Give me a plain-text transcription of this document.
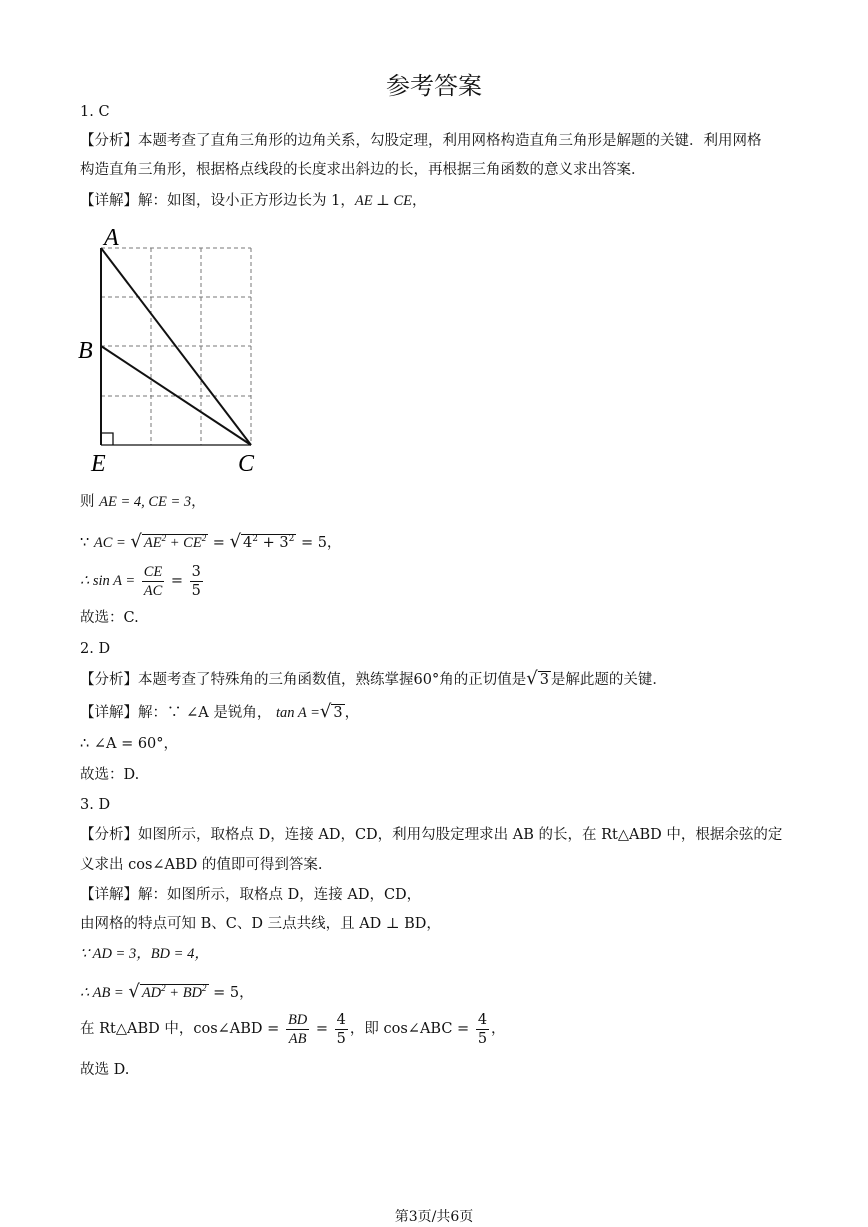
参考答案
1. C
【分析】本题考查了直角三角形的边角关系，勾股定理，利用网格构造直角三角形是解题的关键．利用网格
构造直角三角形，根据格点线段的长度求出斜边的长，再根据三角函数的意义求出答案．
【详解】解：如图，设小正方形边长为 1，AE ⊥ CE，
A
B
E	C
则 AE = 4, CE = 3，
∵ AC = √ $AE^2 + CE^2$ = √ $4^2 + 3^2 = 5$，
∴ $\sin A = \frac{CE}{AC} = \frac{3}{5}$
故选：C.
2. D
【分析】本题考查了特殊角的三角函数值，熟练掌握60°角的正切值是√ 3 是解此题的关键．
【详解】解：∵ ∠A 是锐角， tan A =√ 3 ，
∴ ∠A = 60°，
故选：D.
3. D
【分析】如图所示，取格点 D，连接 AD，CD，利用勾股定理求出 AB 的长，在 Rt△ABD 中，根据余弦的定
义求出 cos∠ABD 的值即可得到答案.
【详解】解：如图所示，取格点 D，连接 AD，CD，
由网格的特点可知 B、C、D 三点共线，且 AD ⊥ BD，
∵ AD = 3，BD = 4，
∴ AB = √ $AD^2 + BD^2 = 5$，
在 Rt△ABD 中，cos∠ABD = $\frac{BD}{AB} = \frac{4}{5}$ ，即 cos∠ABC = $\frac{4}{5}$ ，
故选 D.
第3页/共6页
